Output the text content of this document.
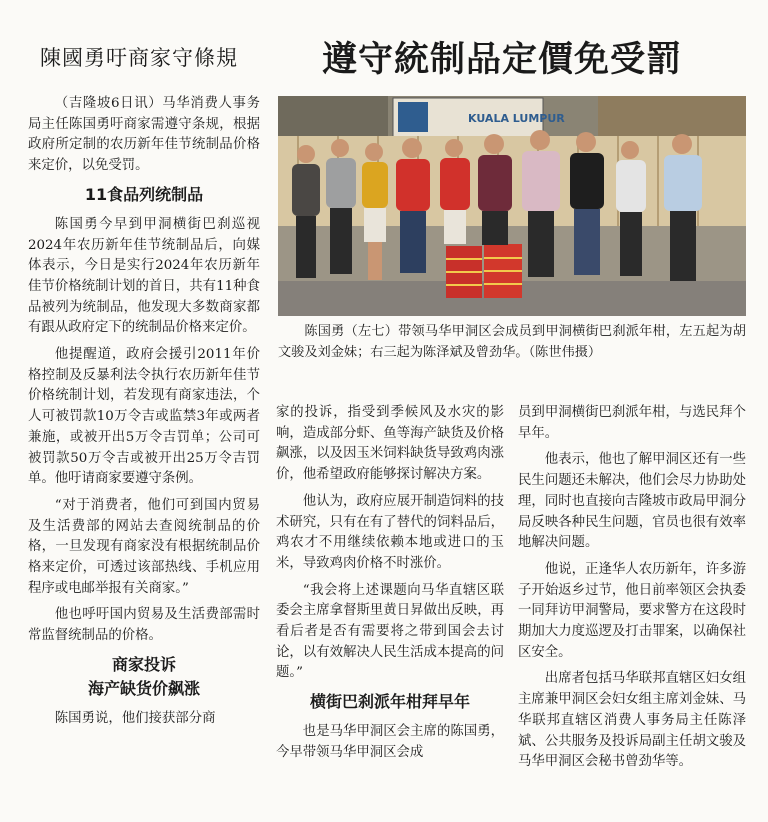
陳國勇吁商家守條規 遵守統制品定價免受罰
KUALA LUMPUR
陈国勇（左七）带领马华甲洞区会成员到甲洞横街巴刹派年柑，左五起为胡文骏及刘金妹；右三起为陈泽斌及曾劲华。（陈世伟摄）

（吉隆坡6日讯）马华消费人事务局主任陈国勇吁商家需遵守条规，根据政府所定制的农历新年佳节统制品价格来定价，以免受罚。

11食品列统制品

陈国勇今早到甲洞横街巴刹巡视2024年农历新年佳节统制品后，向媒体表示，今日是实行2024年农历新年佳节价格统制计划的首日，共有11种食品被列为统制品，他发现大多数商家都有跟从政府定下的统制品价格来定价。

他提醒道，政府会援引2011年价格控制及反暴利法令执行农历新年佳节价格统制计划，若发现有商家违法，个人可被罚款10万令吉或监禁3年或两者兼施，或被开出5万令吉罚单；公司可被罚款50万令吉或被开出25万令吉罚单。他吁请商家要遵守条例。

“对于消费者，他们可到国内贸易及生活费部的网站去查阅统制品的价格，一旦发现有商家没有根据统制品价格来定价，可透过该部热线、手机应用程序或电邮举报有关商家。”

他也呼吁国内贸易及生活费部需时常监督统制品的价格。

商家投诉
海产缺货价飙涨

陈国勇说，他们接获部分商

家的投诉，指受到季候风及水灾的影响，造成部分虾、鱼等海产缺货及价格飙涨，以及因玉米饲料缺货导致鸡肉涨价，他希望政府能够探讨解决方案。

他认为，政府应展开制造饲料的技术研究，只有在有了替代的饲料品后，鸡农才不用继续依赖本地或进口的玉米，导致鸡肉价格不时涨价。

“我会将上述课题向马华直辖区联委会主席拿督斯里黄日昇做出反映，再看后者是否有需要将之带到国会去讨论，以有效解决人民生活成本提高的问题。”

横街巴刹派年柑拜早年

也是马华甲洞区会主席的陈国勇，今早带领马华甲洞区会成

员到甲洞横街巴刹派年柑，与选民拜个早年。

他表示，他也了解甲洞区还有一些民生问题还未解决，他们会尽力协助处理，同时也直接向吉隆坡市政局甲洞分局反映各种民生问题，官员也很有效率地解决问题。

他说，正逢华人农历新年，许多游子开始返乡过节，他日前率领区会执委一同拜访甲洞警局，要求警方在这段时期加大力度巡逻及打击罪案，以确保社区安全。

出席者包括马华联邦直辖区妇女组主席兼甲洞区会妇女组主席刘金妹、马华联邦直辖区消费人事务局主任陈泽斌、公共服务及投诉局副主任胡文骏及马华甲洞区会秘书曾劲华等。
